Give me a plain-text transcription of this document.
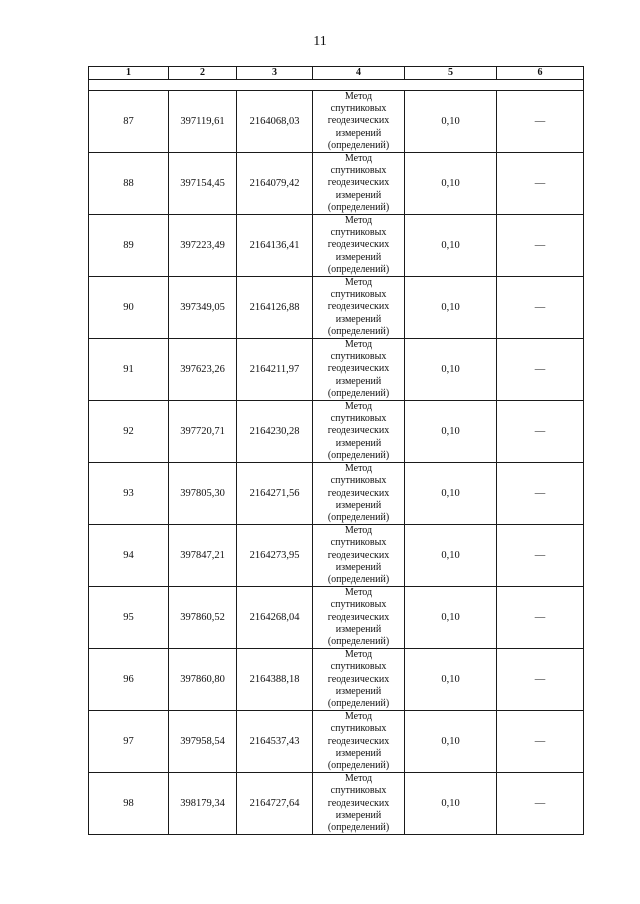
11
1	2	3	4	5	6

87	397119,61	2164068,03	Метод
спутниковых
геодезических
измерений
(определений)	0,10	—
88	397154,45	2164079,42	Метод
спутниковых
геодезических
измерений
(определений)	0,10	—
89	397223,49	2164136,41	Метод
спутниковых
геодезических
измерений
(определений)	0,10	—
90	397349,05	2164126,88	Метод
спутниковых
геодезических
измерений
(определений)	0,10	—
91	397623,26	2164211,97	Метод
спутниковых
геодезических
измерений
(определений)	0,10	—
92	397720,71	2164230,28	Метод
спутниковых
геодезических
измерений
(определений)	0,10	—
93	397805,30	2164271,56	Метод
спутниковых
геодезических
измерений
(определений)	0,10	—
94	397847,21	2164273,95	Метод
спутниковых
геодезических
измерений
(определений)	0,10	—
95	397860,52	2164268,04	Метод
спутниковых
геодезических
измерений
(определений)	0,10	—
96	397860,80	2164388,18	Метод
спутниковых
геодезических
измерений
(определений)	0,10	—
97	397958,54	2164537,43	Метод
спутниковых
геодезических
измерений
(определений)	0,10	—
98	398179,34	2164727,64	Метод
спутниковых
геодезических
измерений
(определений)	0,10	—
